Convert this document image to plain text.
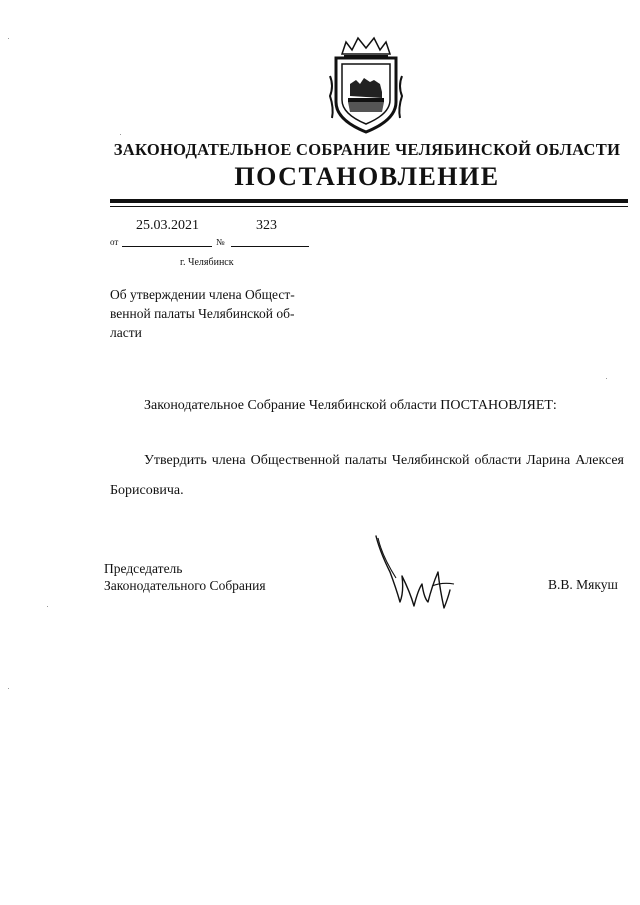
ЗАКОНОДАТЕЛЬНОЕ СОБРАНИЕ ЧЕЛЯБИНСКОЙ ОБЛАСТИ
ПОСТАНОВЛЕНИЕ
25.03.2021	323
от	№
г. Челябинск
Об утверждении члена Общест-
венной палаты Челябинской об-
ласти
Законодательное Собрание Челябинской области ПОСТАНОВЛЯЕТ:
Утвердить члена Общественной палаты Челябинской области Ларина Алексея Борисовича.
Председатель
Законодательного Собрания	В.В. Мякуш
